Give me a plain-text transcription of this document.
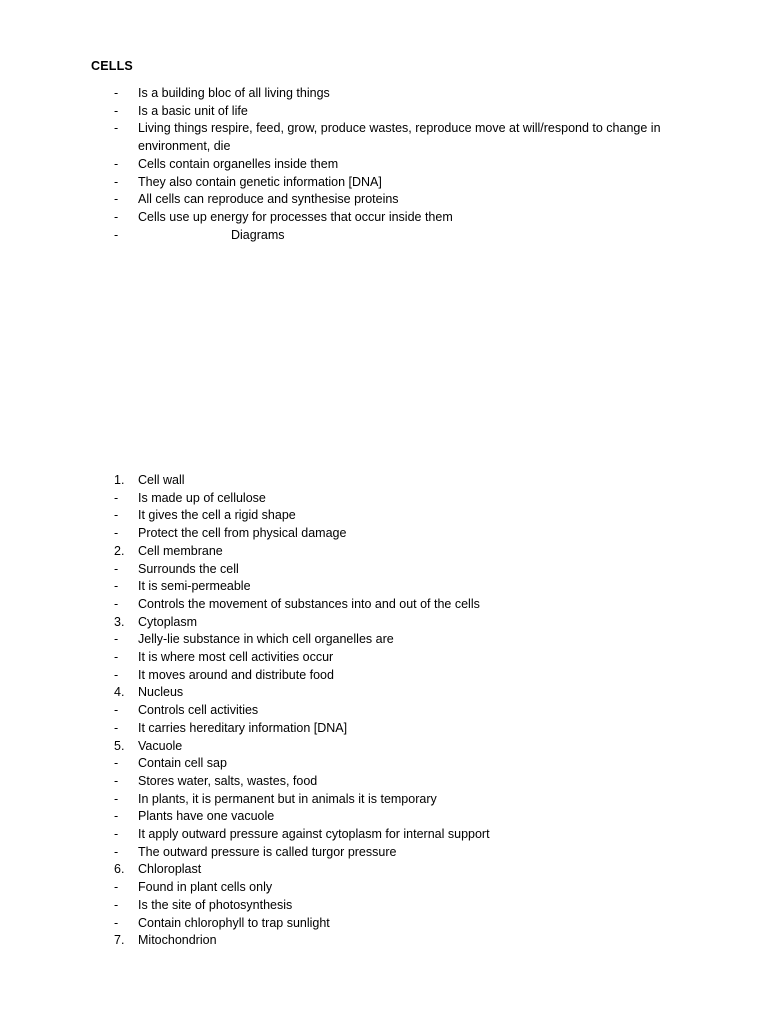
CELLS
-	Is a building bloc of all living things
-	Is a basic unit of life
-	Living things respire, feed, grow, produce wastes, reproduce move at will/respond to change in environment, die
-	Cells contain organelles inside them
-	They also contain genetic information [DNA]
-	All cells can reproduce and synthesise proteins
-	Cells use up energy for processes that occur inside them
-	Diagrams
1.	Cell wall
-	Is made up of cellulose
-	It gives the cell a rigid shape
-	Protect the cell from physical damage
2.	Cell membrane
-	Surrounds the cell
-	It is semi-permeable
-	Controls the movement of substances into and out of the cells
3.	Cytoplasm
-	Jelly-lie substance in which cell organelles are
-	It is where most cell activities occur
-	It moves around and distribute food
4.	Nucleus
-	Controls cell activities
-	It carries hereditary information [DNA]
5.	Vacuole
-	Contain cell sap
-	Stores water, salts, wastes, food
-	In plants, it is permanent but in animals it is temporary
-	Plants have one vacuole
-	It apply outward pressure against cytoplasm for internal support
-	The outward pressure is called turgor pressure
6.	Chloroplast
-	Found in plant cells only
-	Is the site of photosynthesis
-	Contain chlorophyll to trap sunlight
7.	Mitochondrion
